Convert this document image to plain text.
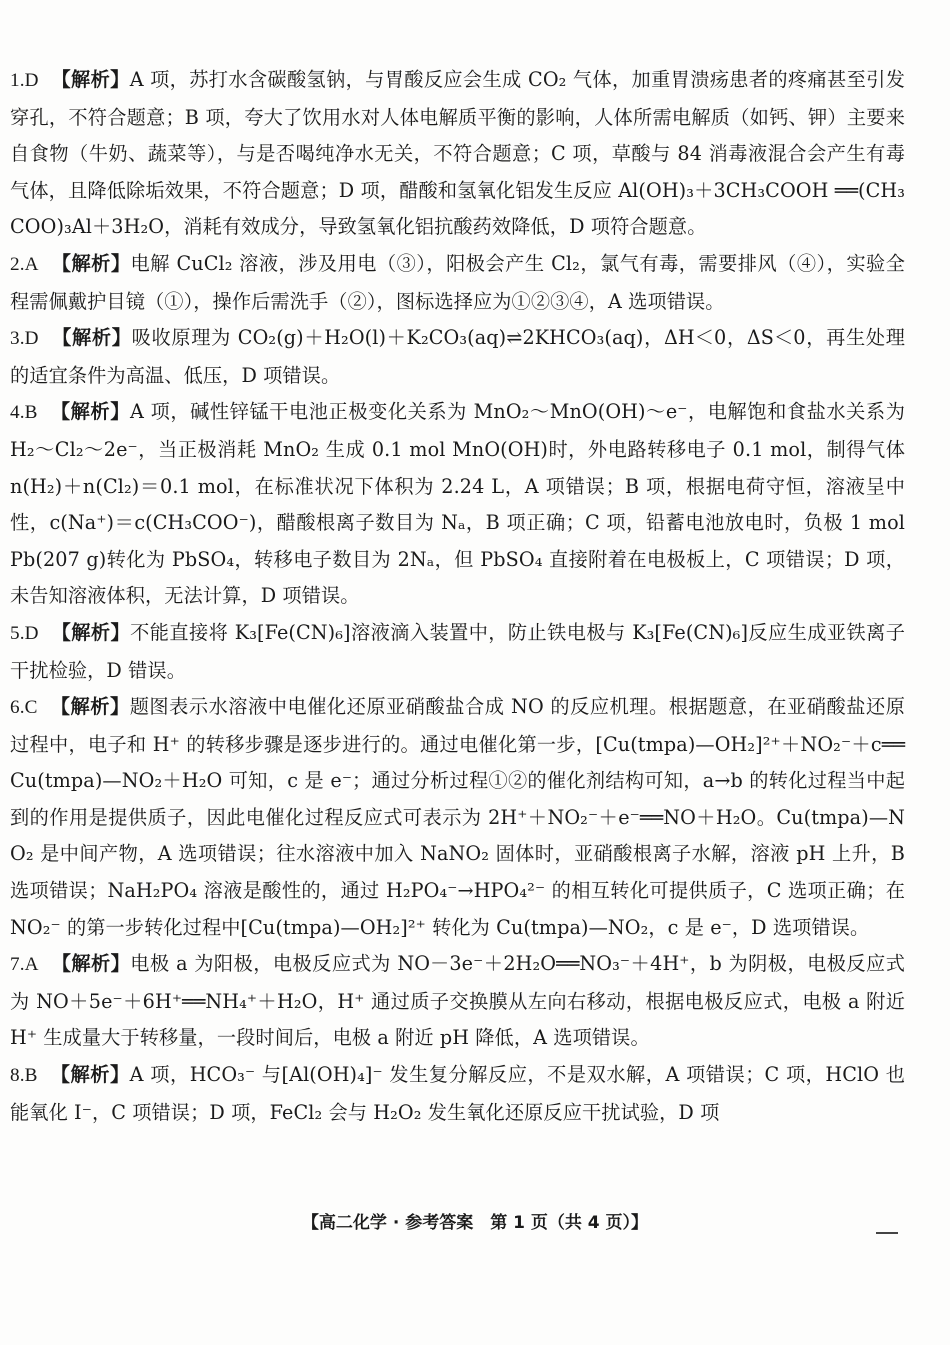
1.D 【解析】A 项，苏打水含碳酸氢钠，与胃酸反应会生成 CO₂ 气体，加重胃溃疡患者的疼痛甚至引发穿孔，不符合题意；B 项，夸大了饮用水对人体电解质平衡的影响，人体所需电解质（如钙、钾）主要来自食物（牛奶、蔬菜等），与是否喝纯净水无关，不符合题意；C 项，草酸与 84 消毒液混合会产生有毒气体，且降低除垢效果，不符合题意；D 项，醋酸和氢氧化铝发生反应 Al(OH)₃＋3CH₃COOH ══(CH₃COO)₃Al＋3H₂O，消耗有效成分，导致氢氧化铝抗酸药效降低，D 项符合题意。
2.A 【解析】电解 CuCl₂ 溶液，涉及用电（③），阳极会产生 Cl₂，氯气有毒，需要排风（④），实验全程需佩戴护目镜（①），操作后需洗手（②），图标选择应为①②③④，A 选项错误。
3.D 【解析】吸收原理为 CO₂(g)＋H₂O(l)＋K₂CO₃(aq)⇌2KHCO₃(aq)，ΔH＜0，ΔS＜0，再生处理的适宜条件为高温、低压，D 项错误。
4.B 【解析】A 项，碱性锌锰干电池正极变化关系为 MnO₂～MnO(OH)～e⁻，电解饱和食盐水关系为 H₂～Cl₂～2e⁻，当正极消耗 MnO₂ 生成 0.1 mol MnO(OH)时，外电路转移电子 0.1 mol，制得气体 n(H₂)＋n(Cl₂)＝0.1 mol，在标准状况下体积为 2.24 L，A 项错误；B 项，根据电荷守恒，溶液呈中性，c(Na⁺)＝c(CH₃COO⁻)，醋酸根离子数目为 Nₐ，B 项正确；C 项，铅蓄电池放电时，负极 1 mol Pb(207 g)转化为 PbSO₄，转移电子数目为 2Nₐ，但 PbSO₄ 直接附着在电极板上，C 项错误；D 项，未告知溶液体积，无法计算，D 项错误。
5.D 【解析】不能直接将 K₃[Fe(CN)₆]溶液滴入装置中，防止铁电极与 K₃[Fe(CN)₆]反应生成亚铁离子干扰检验，D 错误。
6.C 【解析】题图表示水溶液中电催化还原亚硝酸盐合成 NO 的反应机理。根据题意，在亚硝酸盐还原过程中，电子和 H⁺ 的转移步骤是逐步进行的。通过电催化第一步，[Cu(tmpa)—OH₂]²⁺＋NO₂⁻＋c══Cu(tmpa)—NO₂＋H₂O 可知，c 是 e⁻；通过分析过程①②的催化剂结构可知，a→b 的转化过程当中起到的作用是提供质子，因此电催化过程反应式可表示为 2H⁺＋NO₂⁻＋e⁻══NO＋H₂O。Cu(tmpa)—NO₂ 是中间产物，A 选项错误；往水溶液中加入 NaNO₂ 固体时，亚硝酸根离子水解，溶液 pH 上升，B 选项错误；NaH₂PO₄ 溶液是酸性的，通过 H₂PO₄⁻→HPO₄²⁻ 的相互转化可提供质子，C 选项正确；在 NO₂⁻ 的第一步转化过程中[Cu(tmpa)—OH₂]²⁺ 转化为 Cu(tmpa)—NO₂，c 是 e⁻，D 选项错误。
7.A 【解析】电极 a 为阳极，电极反应式为 NO－3e⁻＋2H₂O══NO₃⁻＋4H⁺，b 为阴极，电极反应式为 NO＋5e⁻＋6H⁺══NH₄⁺＋H₂O，H⁺ 通过质子交换膜从左向右移动，根据电极反应式，电极 a 附近 H⁺ 生成量大于转移量，一段时间后，电极 a 附近 pH 降低，A 选项错误。
8.B 【解析】A 项，HCO₃⁻ 与[Al(OH)₄]⁻ 发生复分解反应，不是双水解，A 项错误；C 项，HClO 也能氧化 I⁻，C 项错误；D 项，FeCl₂ 会与 H₂O₂ 发生氧化还原反应干扰试验，D 项
【高二化学 · 参考答案　第 1 页（共 4 页）】
